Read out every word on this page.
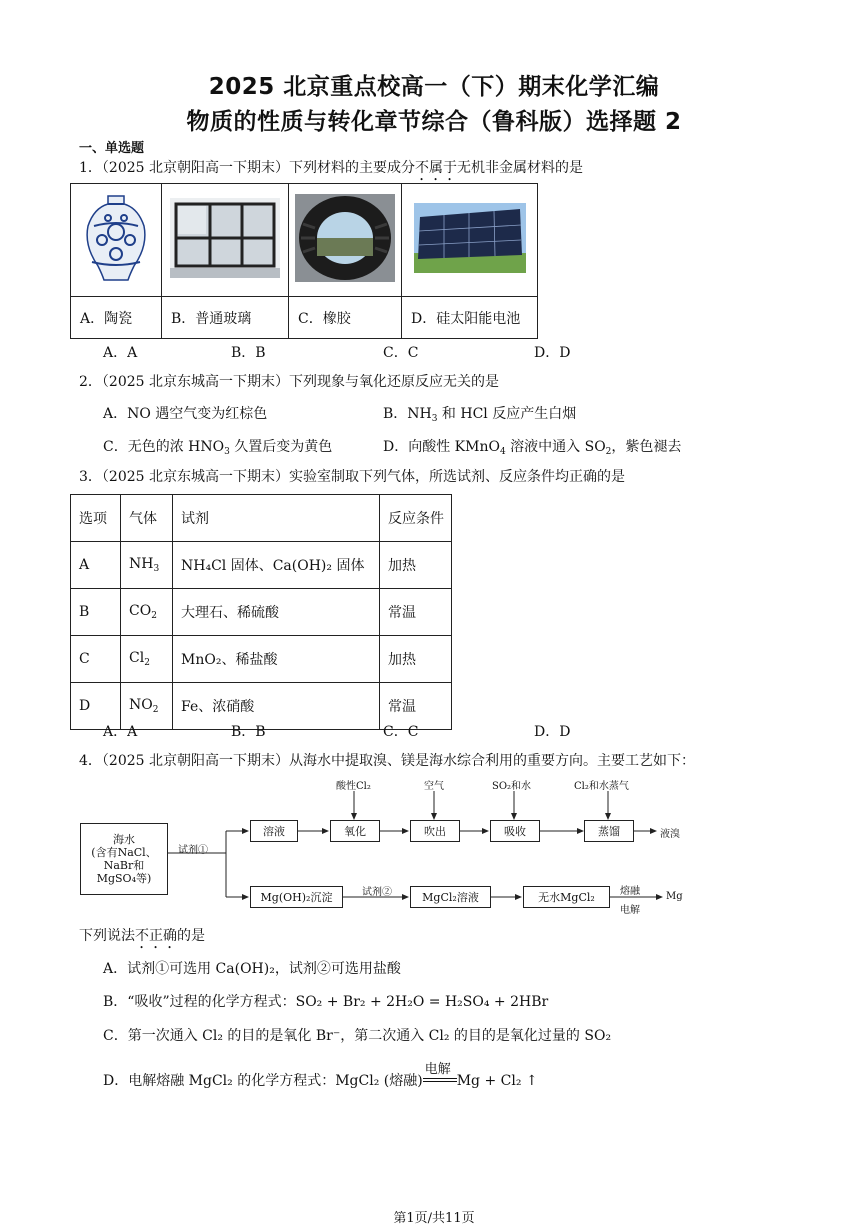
2025 北京重点校高一（下）期末化学汇编
物质的性质与转化章节综合（鲁科版）选择题 2
一、单选题
1．（2025 北京朝阳高一下期末）下列材料的主要成分不属于无机非金属材料的是

A．陶瓷	B．普通玻璃	C．橡胶	D．硅太阳能电池
A．A	B．B	C．C	D．D
2．（2025 北京东城高一下期末）下列现象与氧化还原反应无关的是
A．NO 遇空气变为红棕色	B．$NH_3$ 和 HCl 反应产生白烟
C．无色的浓 $HNO_3$ 久置后变为黄色	D．向酸性 KMnO$_4$ 溶液中通入 $SO_2$，紫色褪去
3．（2025 北京东城高一下期末）实验室制取下列气体，所选试剂、反应条件均正确的是
选项	气体	试剂	反应条件
A	$NH_3$	NH₄Cl 固体、Ca(OH)₂ 固体	加热
B	$CO_2$	大理石、稀硫酸	常温
C	$Cl_2$	MnO₂、稀盐酸	加热
D	$NO_2$	Fe、浓硝酸	常温
A．A	B．B	C．C	D．D
4．（2025 北京朝阳高一下期末）从海水中提取溴、镁是海水综合利用的重要方向。主要工艺如下：
海水
(含有NaCl、
NaBr和
MgSO₄等)
试剂①
溶液	氧化	吹出	吸收	蒸馏	液溴
酸性Cl₂	空气	SO₂和水	Cl₂和水蒸气
Mg(OH)₂沉淀	试剂②	MgCl₂溶液	无水MgCl₂	熔融
电解
Mg
下列说法不正确的是
A．试剂①可选用 Ca(OH)₂，试剂②可选用盐酸
B．“吸收”过程的化学方程式：SO₂ + Br₂ + 2H₂O = H₂SO₄ + 2HBr
C．第一次通入 Cl₂ 的目的是氧化 Br⁻，第二次通入 Cl₂ 的目的是氧化过量的 SO₂
D．电解熔融 MgCl₂ 的化学方程式：MgCl₂ (熔融)
电解
Mg + Cl₂ ↑
第1页/共11页
